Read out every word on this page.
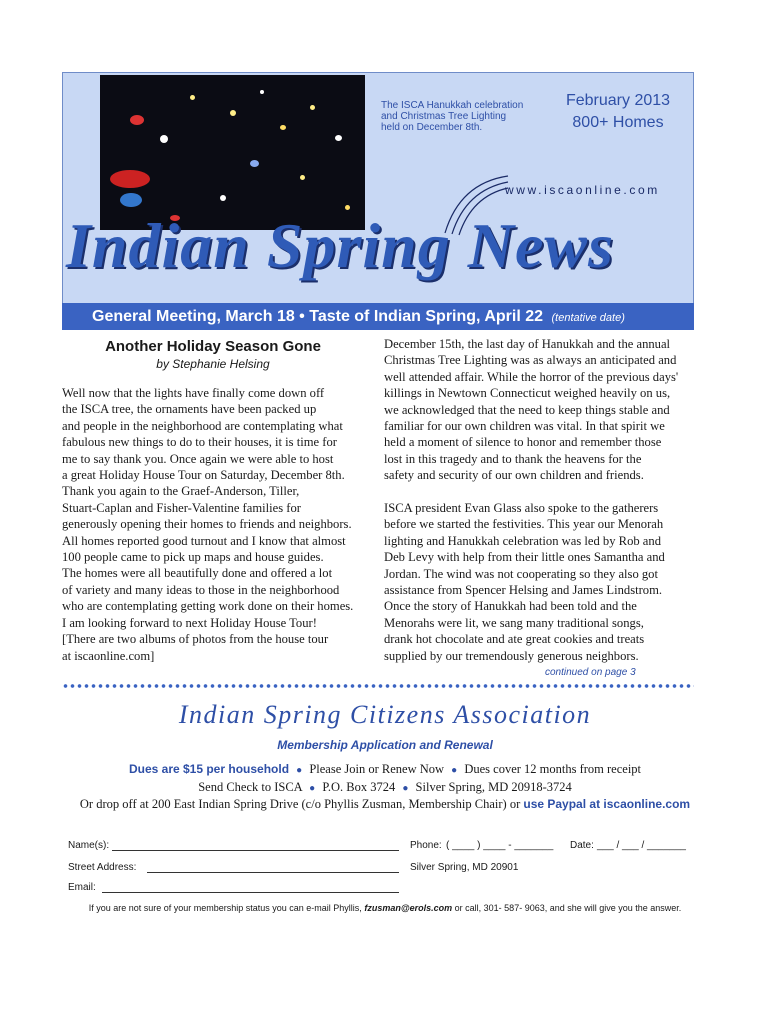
The ISCA Hanukkah celebration
and Christmas Tree Lighting
held on December 8th.
February 2013
800+ Homes
www.iscaonline.com
Indian Spring News
General Meeting, March 18 • Taste of Indian Spring, April 22 (tentative date)
Another Holiday Season Gone
by Stephanie Helsing

Well now that the lights have finally come down off

the ISCA tree, the ornaments have been packed up

and people in the neighborhood are contemplating what

fabulous new things to do to their houses, it is time for

me to say thank you. Once again we were able to host

a great Holiday House Tour on Saturday, December 8th.

Thank you again to the Graef-Anderson, Tiller,

Stuart-Caplan and Fisher-Valentine families for

generously opening their homes to friends and neighbors.

All homes reported good turnout and I know that almost

100 people came to pick up maps and house guides.

The homes were all beautifully done and offered a lot

of variety and many ideas to those in the neighborhood

who are contemplating getting work done on their homes.

I am looking forward to next Holiday House Tour!

[There are two albums of photos from the house tour

at iscaonline.com]

December 15th, the last day of Hanukkah and the annual

Christmas Tree Lighting was as always an anticipated and

well attended affair. While the horror of the previous days'

killings in Newtown Connecticut weighed heavily on us,

we acknowledged that the need to keep things stable and

familiar for our own children was vital. In that spirit we

held a moment of silence to honor and remember those

lost in this tragedy and to thank the heavens for the

safety and security of our own children and friends.

ISCA president Evan Glass also spoke to the gatherers

before we started the festivities. This year our Menorah

lighting and Hanukkah celebration was led by Rob and

Deb Levy with help from their little ones Samantha and

Jordan. The wind was not cooperating so they also got

assistance from Spencer Helsing and James Lindstrom.

Once the story of Hanukkah had been told and the

Menorahs were lit, we sang many traditional songs,

drank hot chocolate and ate great cookies and treats

supplied by our tremendously generous neighbors.

continued on page 3
Indian Spring Citizens Association
Membership Application and Renewal
Dues are $15 per household ● Please Join or Renew Now ● Dues cover 12 months from receipt
Send Check to ISCA ● P.O. Box 3724 ● Silver Spring, MD 20918-3724
Or drop off at 200 East Indian Spring Drive (c/o Phyllis Zusman, Membership Chair) or use Paypal at iscaonline.com
Name(s):	Phone: ( ____ ) ____ - _______ Date: ___ / ___ / _______
Street Address:	Silver Spring, MD 20901
Email:
If you are not sure of your membership status you can e-mail Phyllis, fzusman@erols.com or call, 301- 587- 9063, and she will give you the answer.
